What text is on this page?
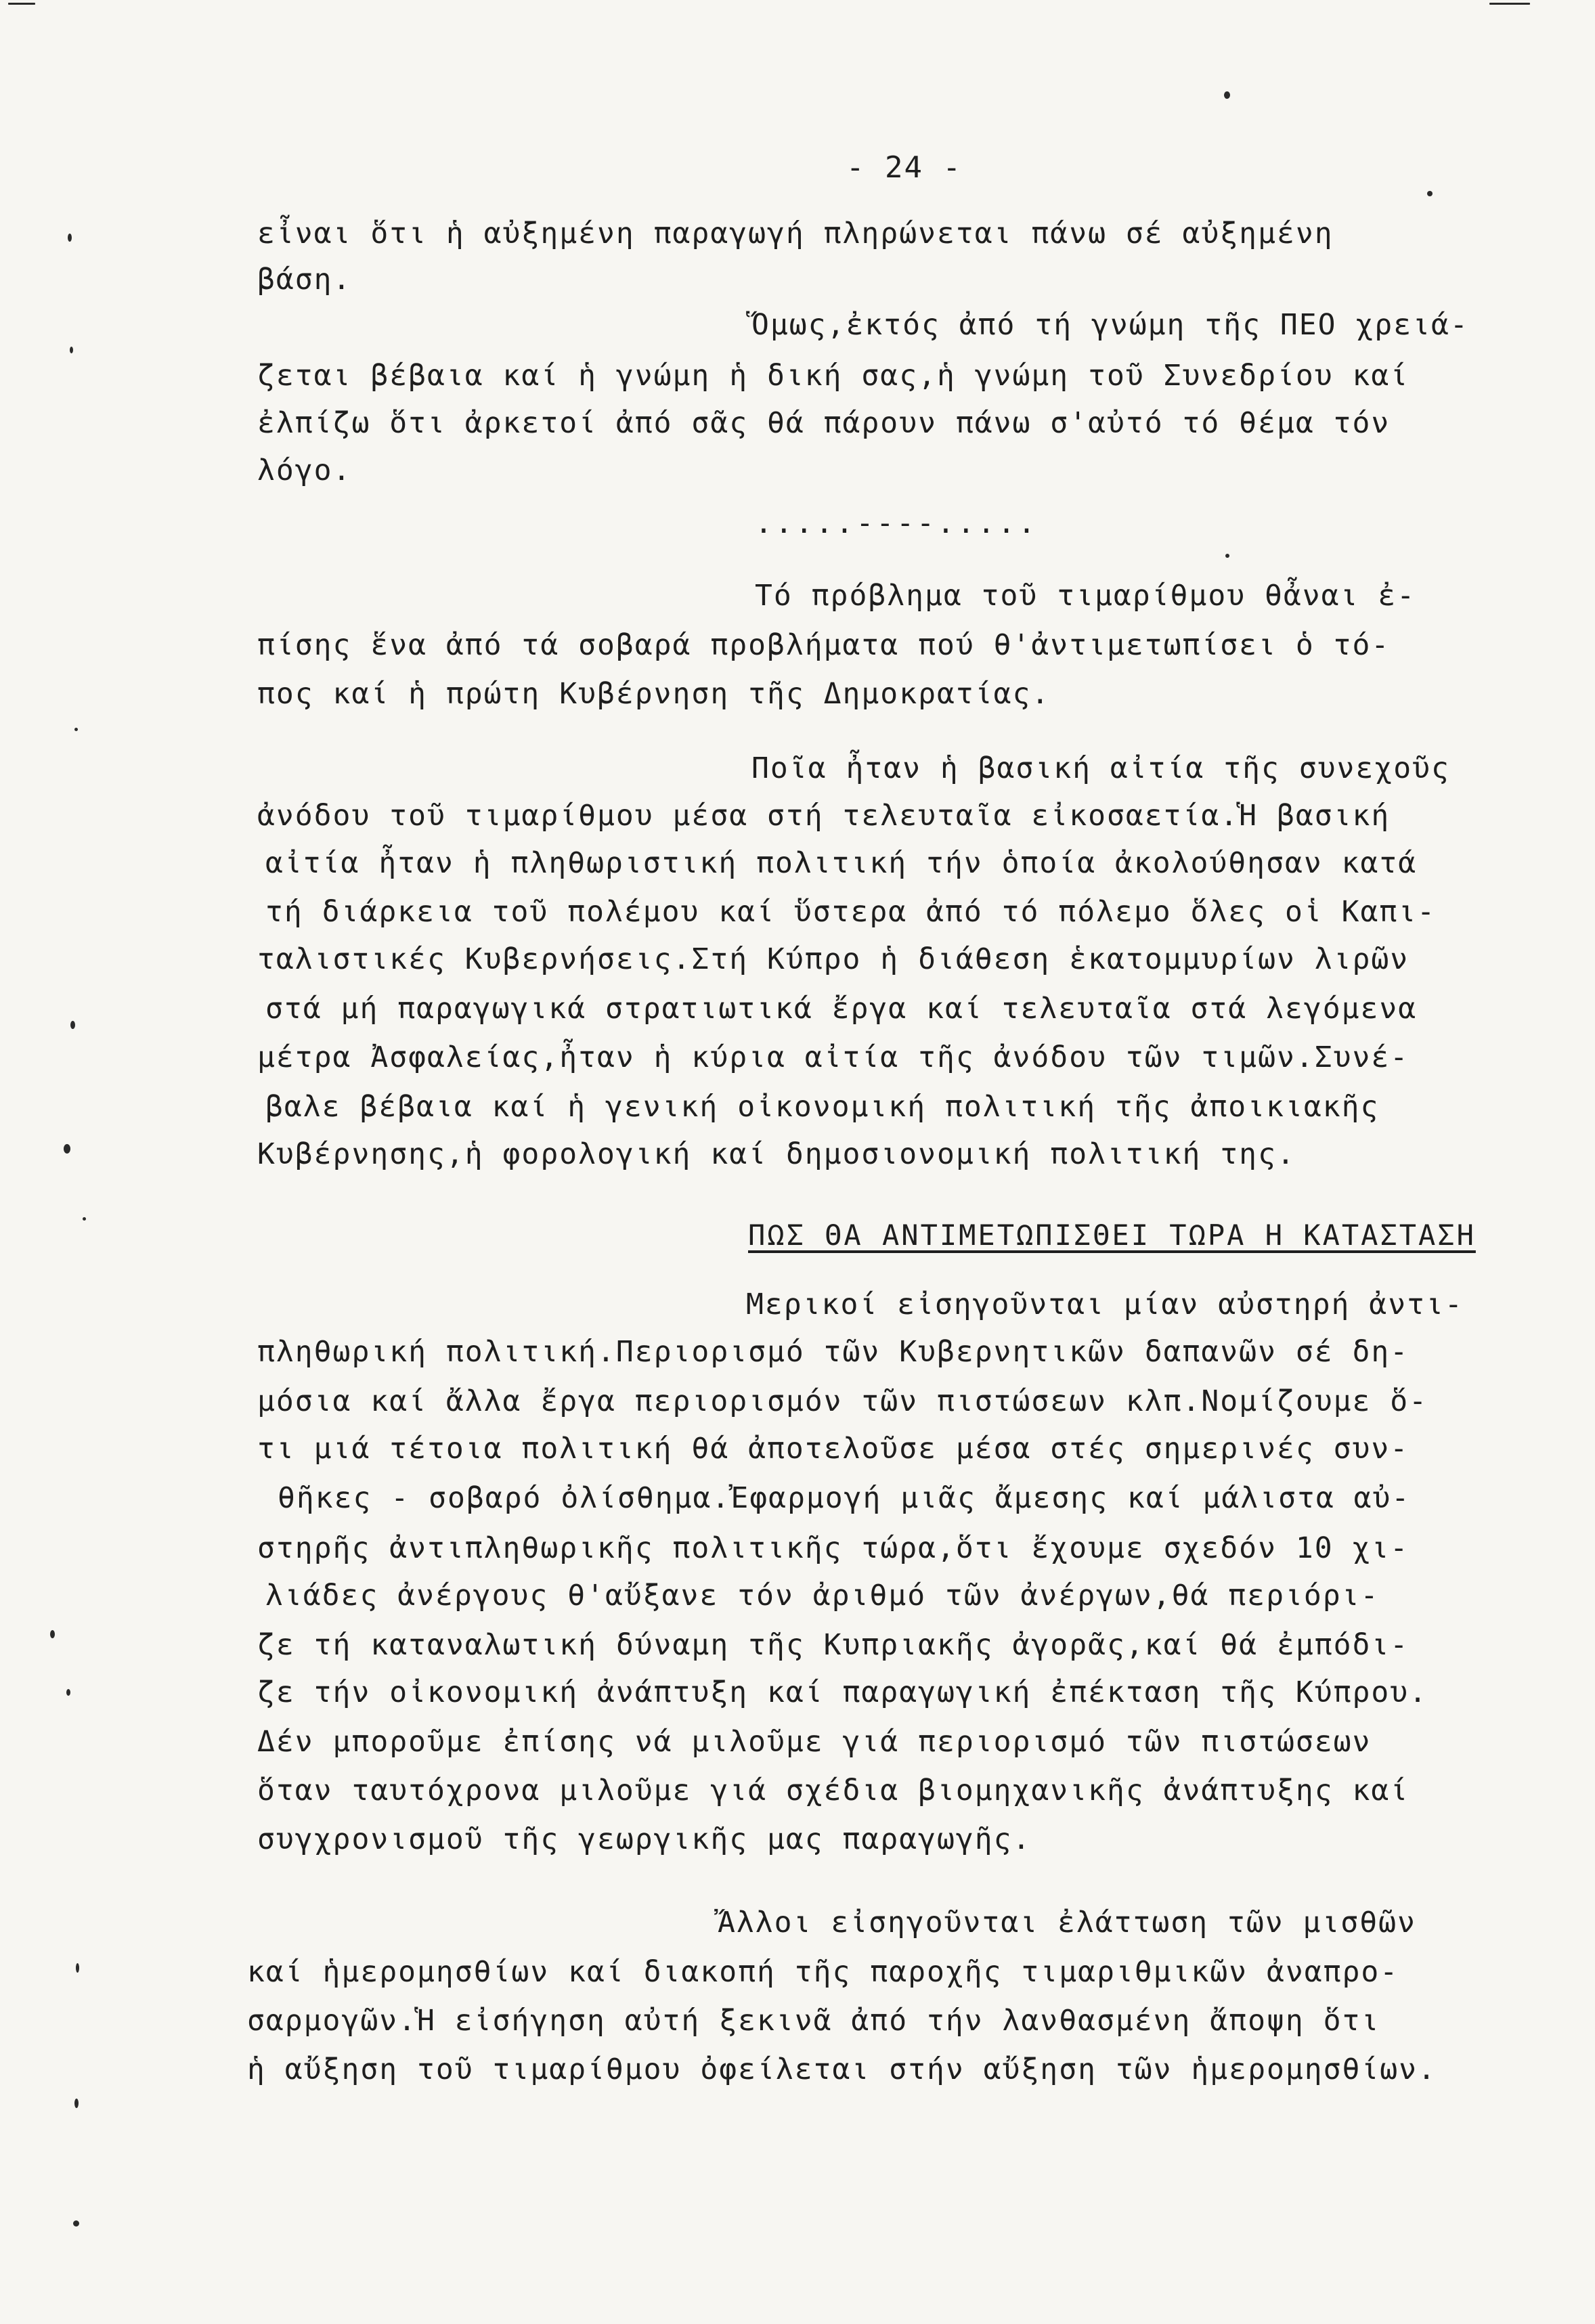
- 24 -
εἶναι ὅτι ἡ αὐξημένη παραγωγή πληρώνεται πάνω σέ αὐξημένη
βάση.
Ὅμως,ἐκτός ἀπό τή γνώμη τῆς ΠΕΟ χρειά-
ζεται βέβαια καί ἡ γνώμη ἡ δική σας,ἡ γνώμη τοῦ Συνεδρίου καί
ἐλπίζω ὅτι ἀρκετοί ἀπό σᾶς θά πάρουν πάνω σ'αὐτό τό θέμα τόν
λόγο.
.....----.....
Τό πρόβλημα τοῦ τιμαρίθμου θἆναι ἐ-
πίσης ἕνα ἀπό τά σοβαρά προβλήματα πού θ'ἀντιμετωπίσει ὁ τό-
πος καί ἡ πρώτη Κυβέρνηση τῆς Δημοκρατίας.
Ποῖα ἦταν ἡ βασική αἰτία τῆς συνεχοῦς
ἀνόδου τοῦ τιμαρίθμου μέσα στή τελευταῖα εἰκοσαετία.Ἡ βασική
αἰτία ἦταν ἡ πληθωριστική πολιτική τήν ὁποία ἀκολούθησαν κατά
τή διάρκεια τοῦ πολέμου καί ὕστερα ἀπό τό πόλεμο ὅλες οἱ Καπι-
ταλιστικές Κυβερνήσεις.Στή Κύπρο ἡ διάθεση ἑκατομμυρίων λιρῶν
στά μή παραγωγικά στρατιωτικά ἔργα καί τελευταῖα στά λεγόμενα
μέτρα Ἀσφαλείας,ἦταν ἡ κύρια αἰτία τῆς ἀνόδου τῶν τιμῶν.Συνέ-
βαλε βέβαια καί ἡ γενική οἰκονομική πολιτική τῆς ἀποικιακῆς
Κυβέρνησης,ἡ φορολογική καί δημοσιονομική πολιτική της.
ΠΩΣ ΘΑ ΑΝΤΙΜΕΤΩΠΙΣΘΕΙ ΤΩΡΑ Η ΚΑΤΑΣΤΑΣΗ
Μερικοί εἰσηγοῦνται μίαν αὐστηρή ἀντι-
πληθωρική πολιτική.Περιορισμό τῶν Κυβερνητικῶν δαπανῶν σέ δη-
μόσια καί ἄλλα ἔργα περιορισμόν τῶν πιστώσεων κλπ.Νομίζουμε ὅ-
τι μιά τέτοια πολιτική θά ἀποτελοῦσε μέσα στές σημερινές συν-
θῆκες - σοβαρό ὀλίσθημα.Ἐφαρμογή μιᾶς ἄμεσης καί μάλιστα αὐ-
στηρῆς ἀντιπληθωρικῆς πολιτικῆς τώρα,ὅτι ἔχουμε σχεδόν 10 χι-
λιάδες ἀνέργους θ'αὔξανε τόν ἀριθμό τῶν ἀνέργων,θά περιόρι-
ζε τή καταναλωτική δύναμη τῆς Κυπριακῆς ἀγορᾶς,καί θά ἐμπόδι-
ζε τήν οἰκονομική ἀνάπτυξη καί παραγωγική ἐπέκταση τῆς Κύπρου.
Δέν μποροῦμε ἐπίσης νά μιλοῦμε γιά περιορισμό τῶν πιστώσεων
ὅταν ταυτόχρονα μιλοῦμε γιά σχέδια βιομηχανικῆς ἀνάπτυξης καί
συγχρονισμοῦ τῆς γεωργικῆς μας παραγωγῆς.
Ἄλλοι εἰσηγοῦνται ἐλάττωση τῶν μισθῶν
καί ἡμερομησθίων καί διακοπή τῆς παροχῆς τιμαριθμικῶν ἀναπρο-
σαρμογῶν.Ἡ εἰσήγηση αὐτή ξεκινᾶ ἀπό τήν λανθασμένη ἄποψη ὅτι
ἡ αὔξηση τοῦ τιμαρίθμου ὀφείλεται στήν αὔξηση τῶν ἡμερομησθίων.
